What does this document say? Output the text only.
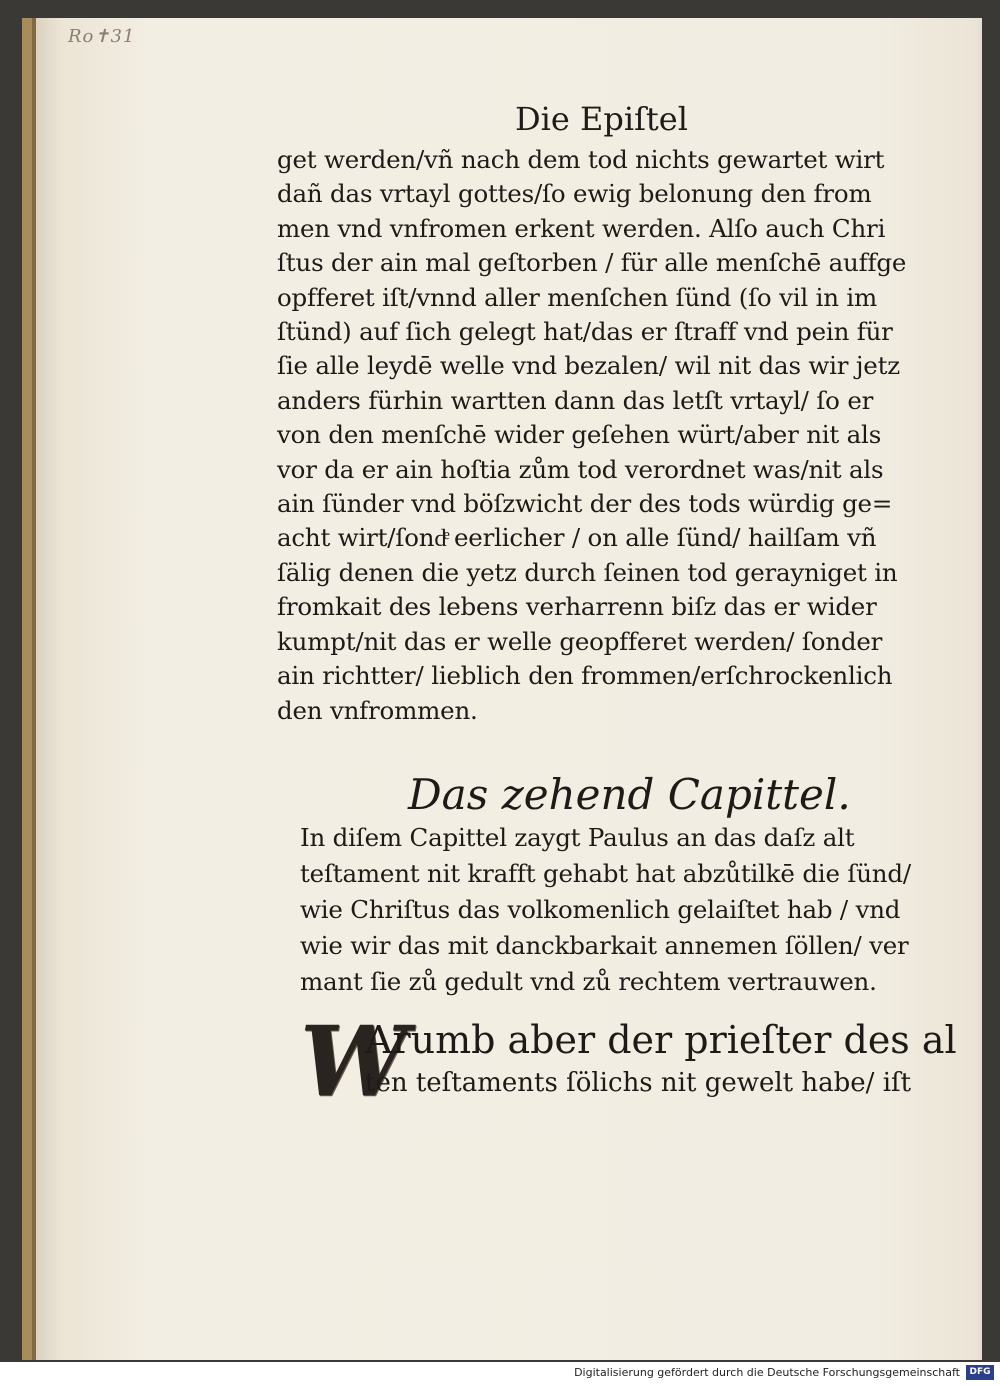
Ro✝31
Die Epiſtel
get werden/vñ nach dem tod nichts gewartet wirt
dañ das vrtayl gottes/ſo ewig belonung den from
men vnd vnfromen erkent werden. Alſo auch Chri
ſtus der ain mal geſtorben / für alle menſchē auffge
opfferet iſt/vnnd aller menſchen ſünd (ſo vil in im
ſtünd) auf ſich gelegt hat/das er ſtraff vnd pein für
ſie alle leydē welle vnd bezalen/ wil nit das wir jetz
anders fürhin wartten dann das letſt vrtayl/ ſo er
von den menſchē wider geſehen würt/aber nit als
vor da er ain hoſtia zům tod verordnet was/nit als
ain ſünder vnd böſzwicht der des tods würdig ge=
acht wirt/ſondͤ eerlicher / on alle ſünd/ hailſam vñ
ſälig denen die yetz durch ſeinen tod gerayniget in
fromkait des lebens verharrenn biſz das er wider
kumpt/nit das er welle geopfferet werden/ ſonder
ain richtter/ lieblich den frommen/erſchrockenlich
den vnfrommen.
Das zehend Capittel.
In diſem Capittel zaygt Paulus an das daſz alt
teſtament nit krafft gehabt hat abzůtilkē die ſünd/
wie Chriſtus das volkomenlich gelaiſtet hab / vnd
wie wir das mit danckbarkait annemen ſöllen/ ver
mant ſie zů gedult vnd zů rechtem vertrauwen.
W
Arumb aber der prieſter des al
ten teſtaments ſölichs nit gewelt habe/ iſt
Digitalisierung gefördert durch die Deutsche Forschungsgemeinschaft	DFG
